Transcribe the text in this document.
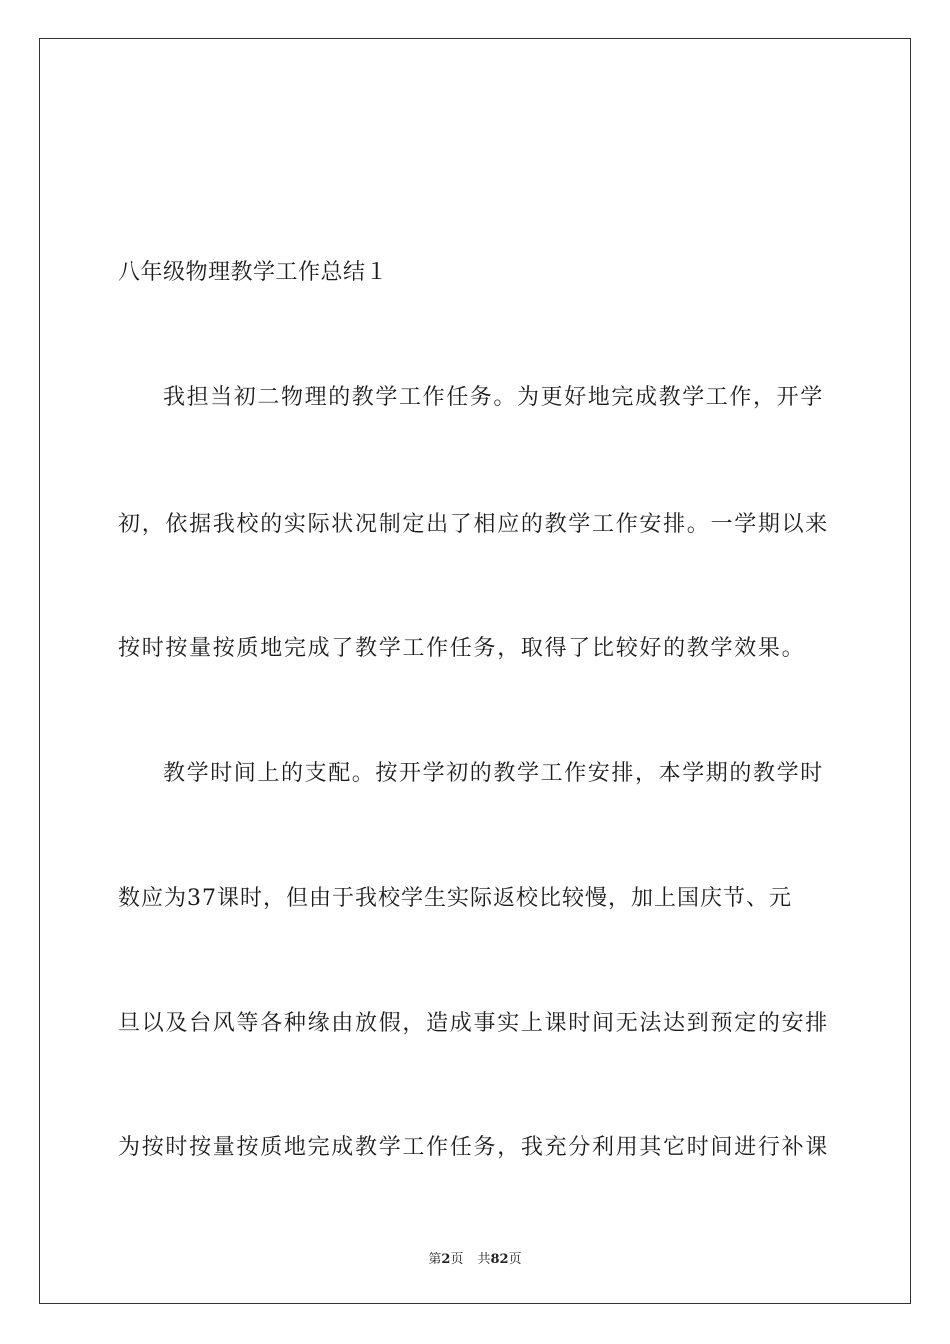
八年级物理教学工作总结１
我担当初二物理的教学工作任务。为更好地完成教学工作，开学
初，依据我校的实际状况制定出了相应的教学工作安排。一学期以来
按时按量按质地完成了教学工作任务，取得了比较好的教学效果。
教学时间上的支配。按开学初的教学工作安排，本学期的教学时
数应为37课时，但由于我校学生实际返校比较慢，加上国庆节、元
旦以及台风等各种缘由放假，造成事实上课时间无法达到预定的安排
为按时按量按质地完成教学工作任务，我充分利用其它时间进行补课
第2页 共82页
